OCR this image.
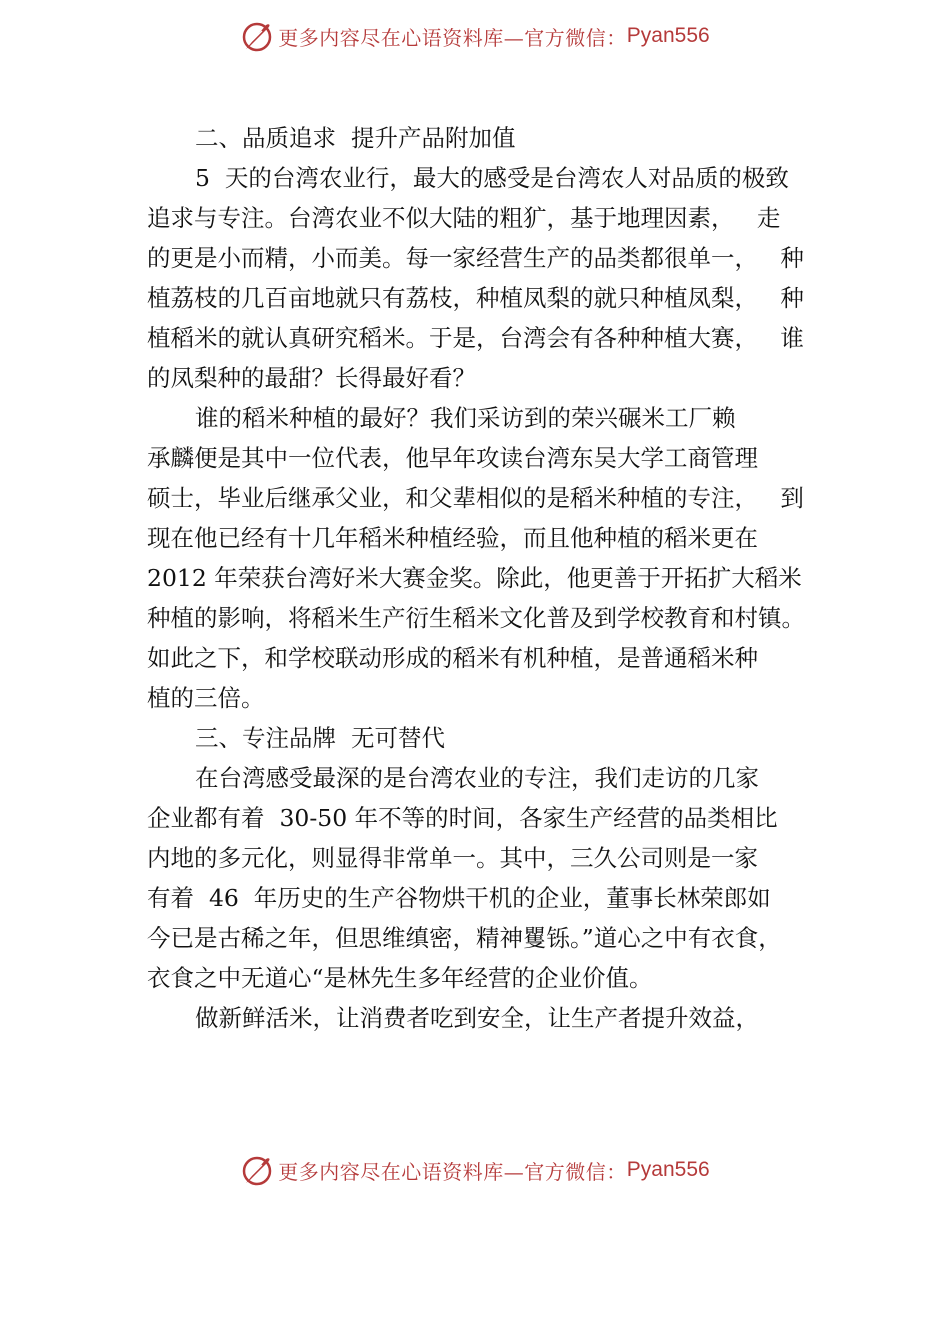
更多内容尽在心语资料库—官方微信： Pyan556
二、品质追求  提升产品附加值
5  天的台湾农业行，最大的感受是台湾农人对品质的极致
追求与专注。台湾农业不似大陆的粗犷，基于地理因素，   走
的更是小而精，小而美。每一家经营生产的品类都很单一，   种
植荔枝的几百亩地就只有荔枝，种植凤梨的就只种植凤梨，   种
植稻米的就认真研究稻米。于是，台湾会有各种种植大赛，   谁
的凤梨种的最甜？长得最好看？
谁的稻米种植的最好？我们采访到的荣兴碾米工厂赖
承麟便是其中一位代表，他早年攻读台湾东吴大学工商管理
硕士，毕业后继承父业，和父辈相似的是稻米种植的专注，   到
现在他已经有十几年稻米种植经验，而且他种植的稻米更在
2012 年荣获台湾好米大赛金奖。除此，他更善于开拓扩大稻米
种植的影响，将稻米生产衍生稻米文化普及到学校教育和村镇。
如此之下，和学校联动形成的稻米有机种植，是普通稻米种
植的三倍。
三、专注品牌  无可替代
在台湾感受最深的是台湾农业的专注，我们走访的几家
企业都有着  30-50 年不等的时间，各家生产经营的品类相比
内地的多元化，则显得非常单一。其中，三久公司则是一家
有着  46  年历史的生产谷物烘干机的企业，董事长林荣郎如
今已是古稀之年，但思维缜密，精神矍铄。”道心之中有衣食，
衣食之中无道心“是林先生多年经营的企业价值。
做新鲜活米，让消费者吃到安全，让生产者提升效益，
更多内容尽在心语资料库—官方微信： Pyan556
